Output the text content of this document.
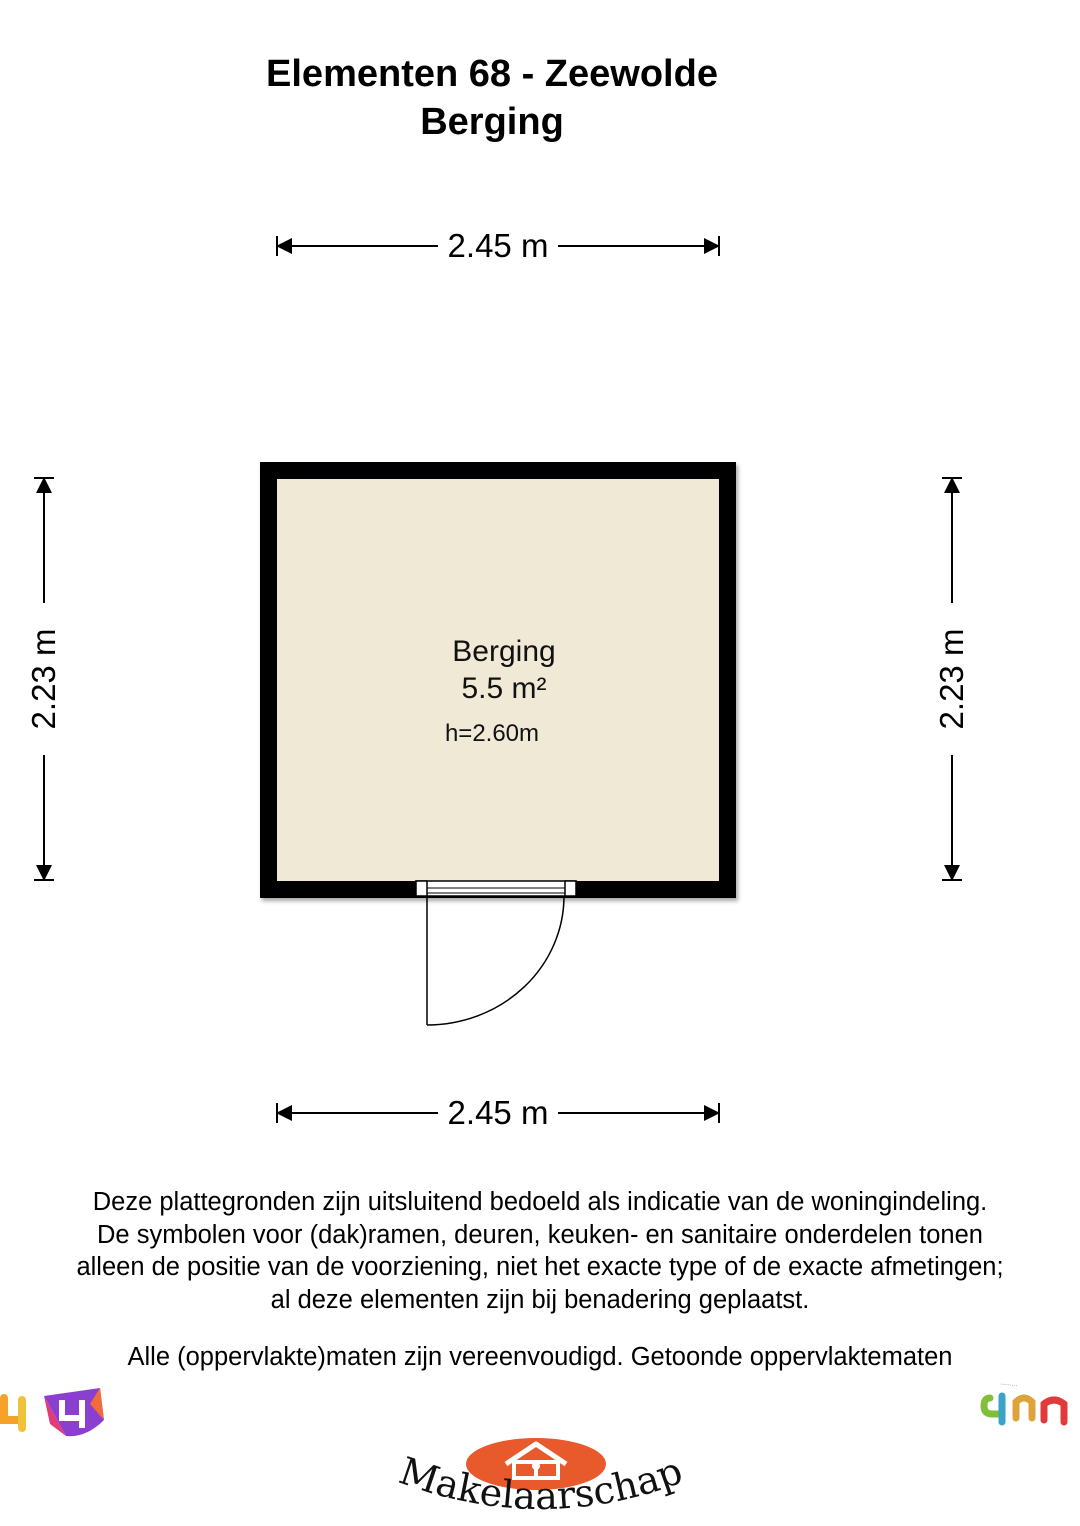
Elementen 68 - Zeewolde
Berging
2.45 m
2.23 m	2.23 m
Berging
5.5 m²
h=2.60m
2.45 m
Deze plattegronden zijn uitsluitend bedoeld als indicatie van de woningindeling.
De symbolen voor (dak)ramen, deuren, keuken- en sanitaire onderdelen tonen
alleen de positie van de voorziening, niet het exacte type of de exacte afmetingen;
al deze elementen zijn bij benadering geplaatst.
Alle (oppervlakte)maten zijn vereenvoudigd. Getoonde oppervlaktematen
·········
Makelaarschap
